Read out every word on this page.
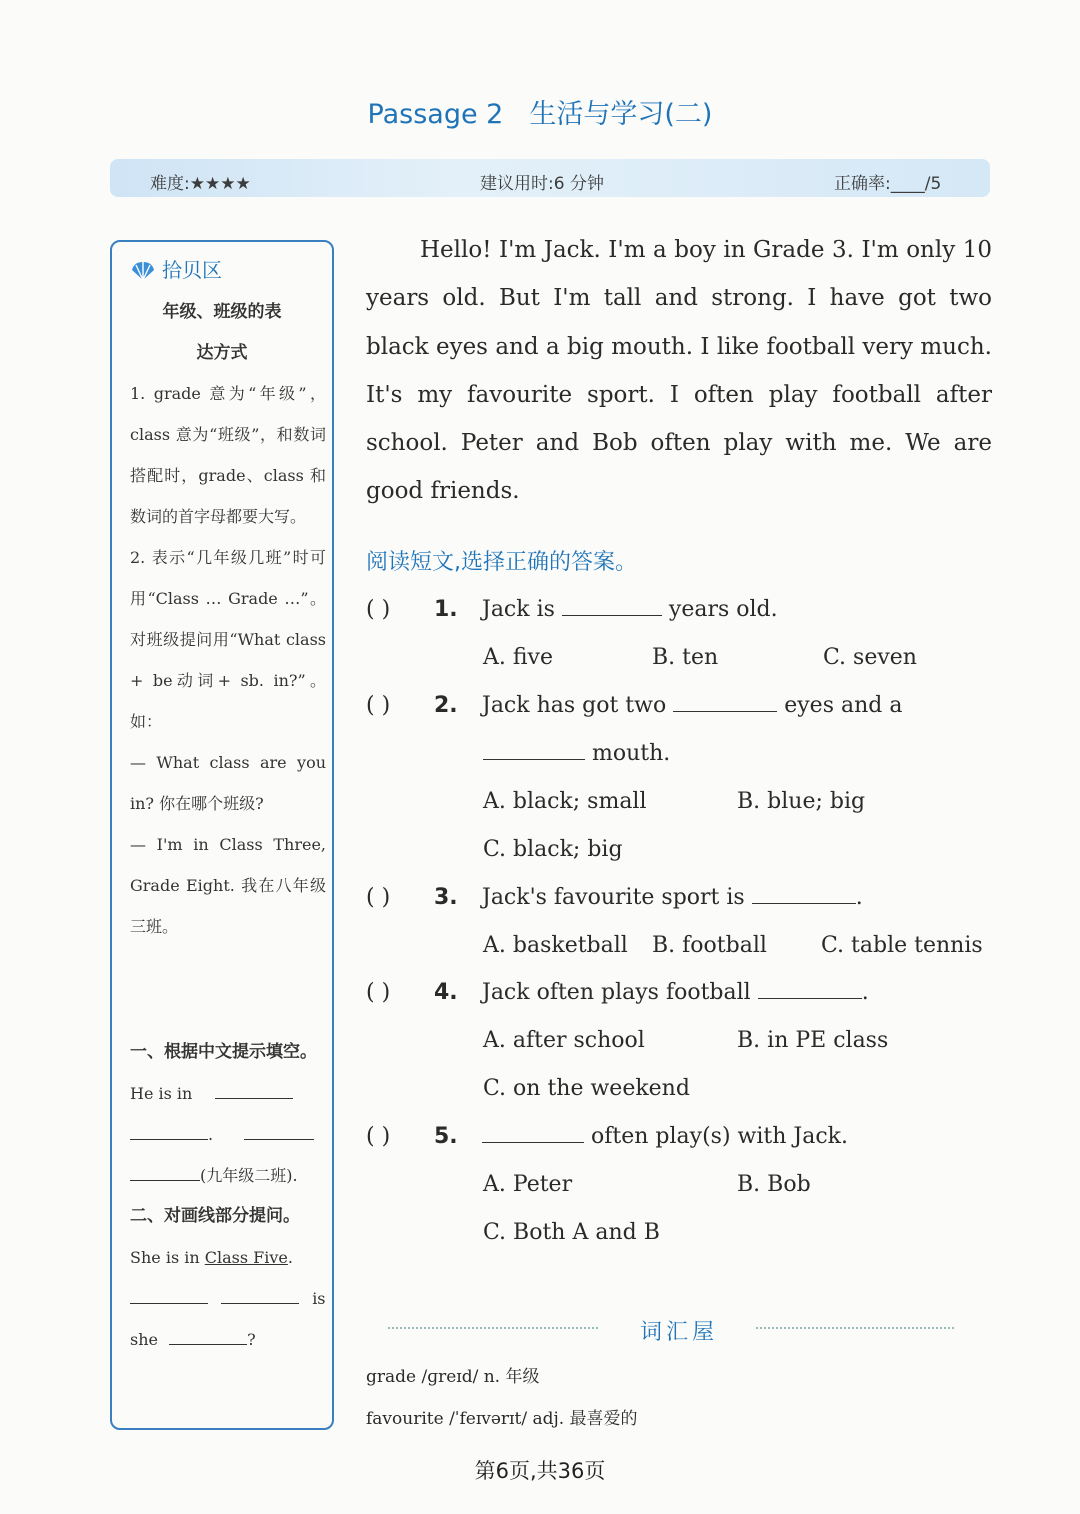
Passage 2 生活与学习(二)
难度:★★★★	建议用时:6 分钟	正确率:____/5
拾贝区
年级、班级的表
达方式

1. grade 意为“年级”，class 意为“班级”，和数词搭配时，grade、class 和数词的首字母都要大写。

2. 表示“几年级几班”时可用“Class … Grade …”。对班级提问用“What class + be动词+ sb. in?”。如：

— What class are you in? 你在哪个班级?

— I'm in Class Three, Grade Eight. 我在八年级三班。

一、根据中文提示填空。
He is in
.
(九年级二班).
二、对画线部分提问。
She is in Class Five.
is
she	?
Hello! I'm Jack. I'm a boy in Grade 3. I'm only 10 years old. But I'm tall and strong. I have got two black eyes and a big mouth. I like football very much. It's my favourite sport. I often play football after school. Peter and Bob often play with me. We are good friends.
阅读短文,选择正确的答案。
( ) 1. Jack is	years old.
A. five	B. ten	C. seven
( ) 2. Jack has got two	eyes and a
mouth.
A. black; small	B. blue; big
C. black; big
( ) 3. Jack's favourite sport is	.
A. basketball B. football C. table tennis
( ) 4. Jack often plays football	.
A. after school	B. in PE class
C. on the weekend
( ) 5.	often play(s) with Jack.
A. Peter	B. Bob
C. Both A and B
词汇屋
grade /ɡreɪd/ n. 年级
favourite /ˈfeɪvərɪt/ adj. 最喜爱的
第6页,共36页
